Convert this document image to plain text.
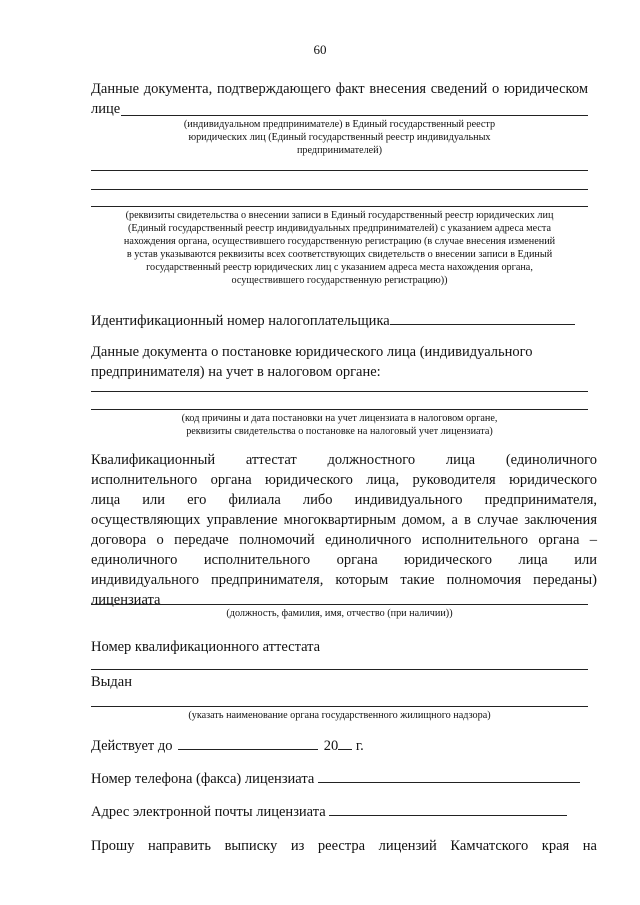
60
Данные документа, подтверждающего факт внесения сведений о юридическом
лице
(индивидуальном предпринимателе) в Единый государственный реестр
юридических лиц (Единый государственный реестр индивидуальных
предпринимателей)
(реквизиты свидетельства о внесении записи в Единый государственный реестр юридических лиц
(Единый государственный реестр индивидуальных предпринимателей) с указанием адреса места
нахождения органа, осуществившего государственную регистрацию (в случае внесения изменений
в устав указываются реквизиты всех соответствующих свидетельств о внесении записи в Единый
государственный реестр юридических лиц с указанием адреса места нахождения органа,
осуществившего государственную регистрацию))
Идентификационный номер налогоплательщика
Данные документа о постановке юридического лица (индивидуального
предпринимателя) на учет в налоговом органе:
(код причины и дата постановки на учет лицензиата в налоговом органе,
реквизиты свидетельства о постановке на налоговый учет лицензиата)
Квалификационный аттестат должностного лица (единоличного
исполнительного органа юридического лица, руководителя юридического
лица или его филиала либо индивидуального предпринимателя,
осуществляющих управление многоквартирным домом, а в случае заключения
договора о передаче полномочий единоличного исполнительного органа –
единоличного исполнительного органа юридического лица или
индивидуального предпринимателя, которым такие полномочия переданы)
лицензиата
(должность, фамилия, имя, отчество (при наличии))
Номер квалификационного аттестата
Выдан
(указать наименование органа государственного жилищного надзора)
Действует до	20 г.
Номер телефона (факса) лицензиата
Адрес электронной почты лицензиата
Прошу направить выписку из реестра лицензий Камчатского края на
